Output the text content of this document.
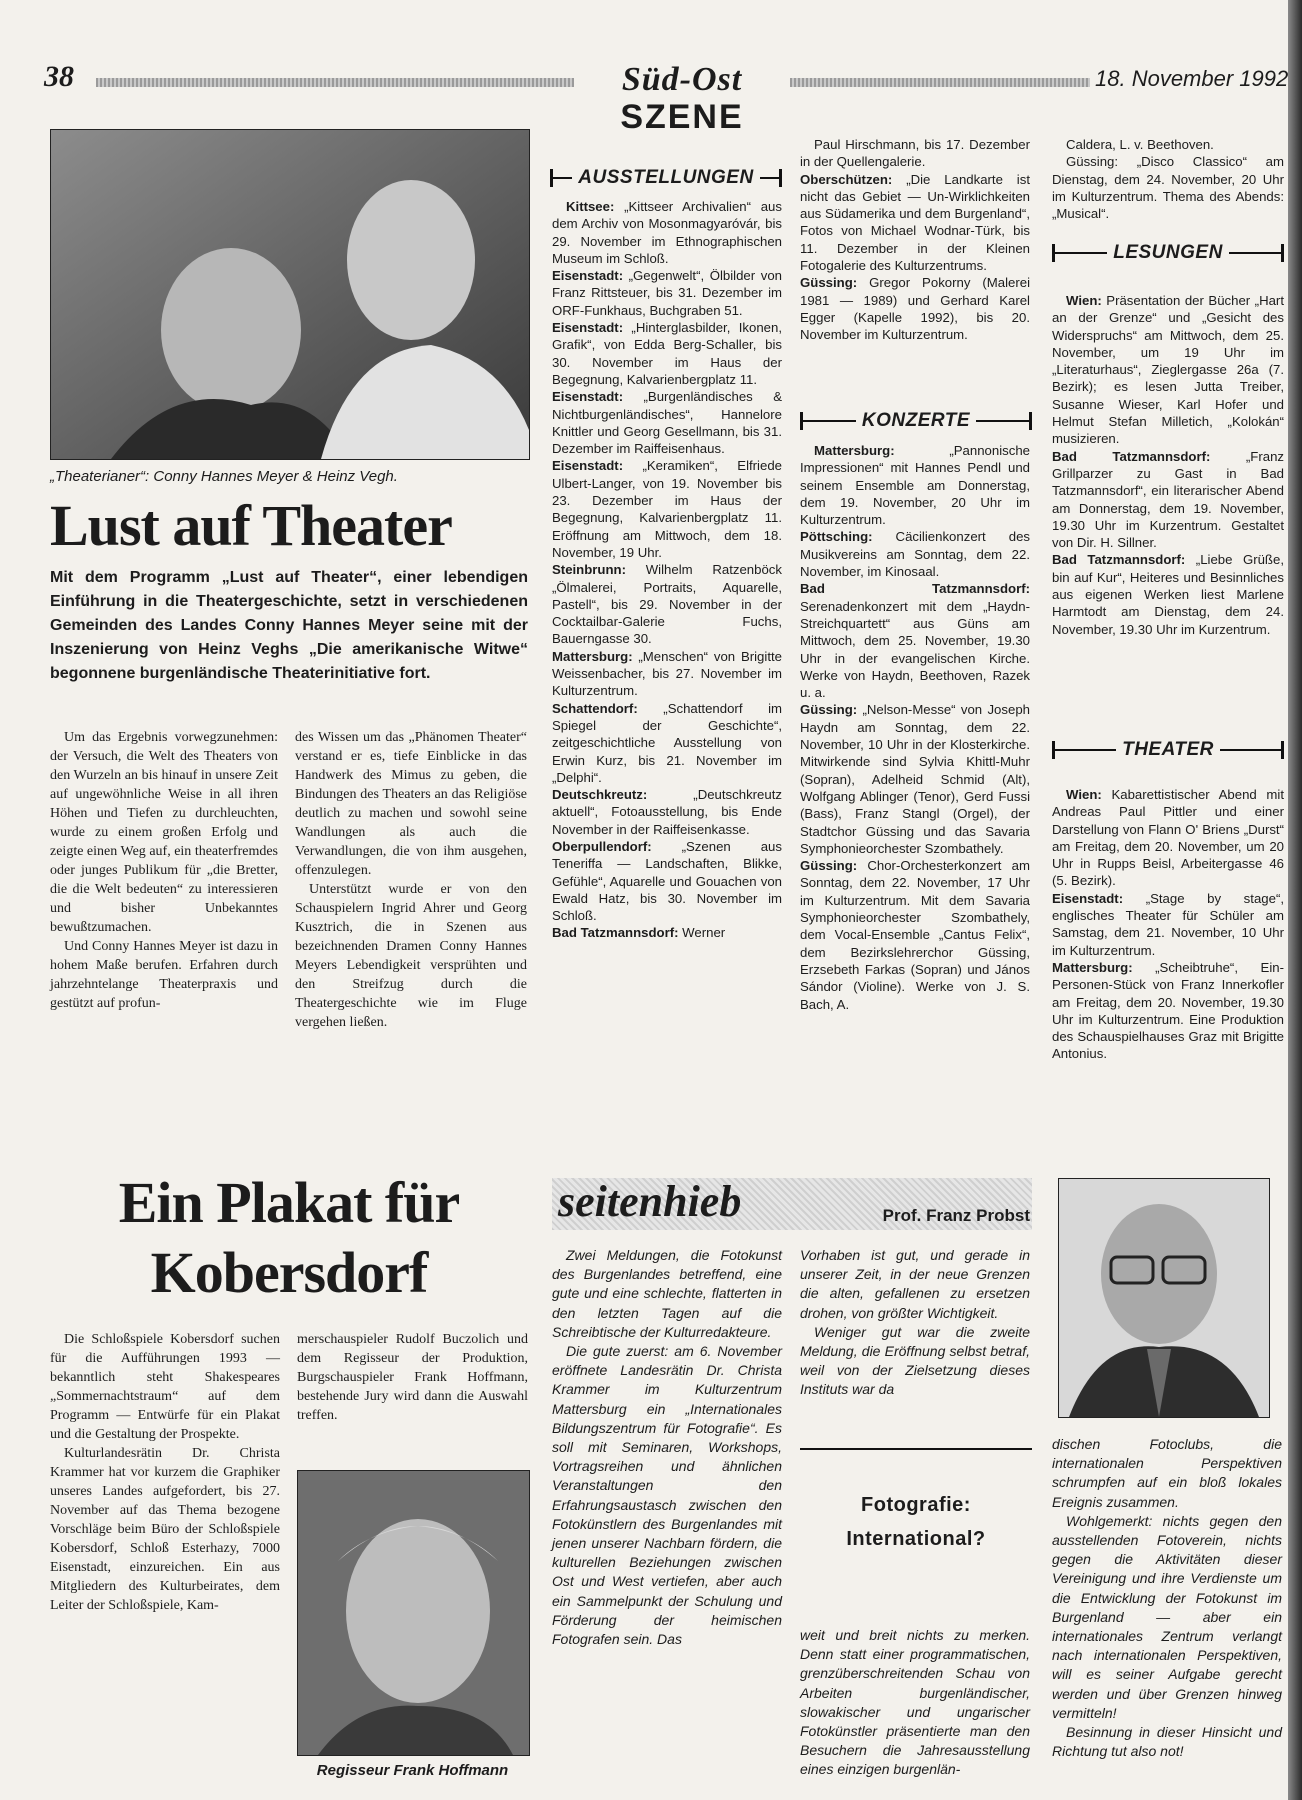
38	Süd-Ost
SZENE
18. November 1992
„Theaterianer“: Conny Hannes Meyer & Heinz Vegh.
Lust auf Theater
Mit dem Programm „Lust auf Theater“, einer lebendigen Einführung in die Theatergeschichte, setzt in verschiedenen Gemeinden des Landes Conny Hannes Meyer seine mit der Inszenierung von Heinz Veghs „Die amerikanische Witwe“ begonnene burgenländische Theaterinitiative fort.

Um das Ergebnis vorwegzunehmen: der Versuch, die Welt des Theaters von den Wurzeln an bis hinauf in unsere Zeit auf ungewöhnliche Weise in all ihren Höhen und Tiefen zu durchleuchten, wurde zu einem großen Erfolg und zeigte einen Weg auf, ein theaterfremdes oder junges Publikum für „die Bretter, die die Welt bedeuten“ zu interessieren und bisher Unbekanntes bewußtzumachen.

Und Conny Hannes Meyer ist dazu in hohem Maße berufen. Erfahren durch jahrzehntelange Theaterpraxis und gestützt auf profun-

des Wissen um das „Phänomen Theater“ verstand er es, tiefe Einblicke in das Handwerk des Mimus zu geben, die Bindungen des Theaters an das Religiöse deutlich zu machen und sowohl seine Wandlungen als auch die Verwandlungen, die von ihm ausgehen, offenzulegen.

Unterstützt wurde er von den Schauspielern Ingrid Ahrer und Georg Kusztrich, die in Szenen aus bezeichnenden Dramen Conny Hannes Meyers Lebendigkeit versprühten und den Streifzug durch die Theatergeschichte wie im Fluge vergehen ließen.

Ein Plakat für
Kobersdorf

Die Schloßspiele Kobersdorf suchen für die Aufführungen 1993 — bekanntlich steht Shakespeares „Sommernachtstraum“ auf dem Programm — Entwürfe für ein Plakat und die Gestaltung der Prospekte.

Kulturlandesrätin Dr. Christa Krammer hat vor kurzem die Graphiker unseres Landes aufgefordert, bis 27. November auf das Thema bezogene Vorschläge beim Büro der Schloßspiele Kobersdorf, Schloß Esterhazy, 7000 Eisenstadt, einzureichen. Ein aus Mitgliedern des Kulturbeirates, dem Leiter der Schloßspiele, Kam-

merschauspieler Rudolf Buczolich und dem Regisseur der Produktion, Burgschauspieler Frank Hoffmann, bestehende Jury wird dann die Auswahl treffen.

Regisseur Frank Hoffmann
AUSSTELLUNGEN

Kittsee: „Kittseer Archivalien“ aus dem Archiv von Mosonmagyaróvár, bis 29. November im Ethnographischen Museum im Schloß.

Eisenstadt: „Gegenwelt“, Ölbilder von Franz Rittsteuer, bis 31. Dezember im ORF-Funkhaus, Buchgraben 51.

Eisenstadt: „Hinterglasbilder, Ikonen, Grafik“, von Edda Berg-Schaller, bis 30. November im Haus der Begegnung, Kalvarienbergplatz 11.

Eisenstadt: „Burgenländisches & Nichtburgenländisches“, Hannelore Knittler und Georg Gesellmann, bis 31. Dezember im Raiffeisenhaus.

Eisenstadt: „Keramiken“, Elfriede Ulbert-Langer, von 19. November bis 23. Dezember im Haus der Begegnung, Kalvarienbergplatz 11. Eröffnung am Mittwoch, dem 18. November, 19 Uhr.

Steinbrunn: Wilhelm Ratzenböck „Ölmalerei, Portraits, Aquarelle, Pastell“, bis 29. November in der Cocktailbar-Galerie Fuchs, Bauerngasse 30.

Mattersburg: „Menschen“ von Brigitte Weissenbacher, bis 27. November im Kulturzentrum.

Schattendorf: „Schattendorf im Spiegel der Geschichte“, zeitgeschichtliche Ausstellung von Erwin Kurz, bis 21. November im „Delphi“.

Deutschkreutz: „Deutschkreutz aktuell“, Fotoausstellung, bis Ende November in der Raiffeisenkasse.

Oberpullendorf: „Szenen aus Teneriffa — Landschaften, Blikke, Gefühle“, Aquarelle und Gouachen von Ewald Hatz, bis 30. November im Schloß.

Bad Tatzmannsdorf: Werner

Paul Hirschmann, bis 17. Dezember in der Quellengalerie.

Oberschützen: „Die Landkarte ist nicht das Gebiet — Un-Wirklichkeiten aus Südamerika und dem Burgenland“, Fotos von Michael Wodnar-Türk, bis 11. Dezember in der Kleinen Fotogalerie des Kulturzentrums.

Güssing: Gregor Pokorny (Malerei 1981 — 1989) und Gerhard Karel Egger (Kapelle 1992), bis 20. November im Kulturzentrum.

KONZERTE

Mattersburg: „Pannonische Impressionen“ mit Hannes Pendl und seinem Ensemble am Donnerstag, dem 19. November, 20 Uhr im Kulturzentrum.

Pöttsching: Cäcilienkonzert des Musikvereins am Sonntag, dem 22. November, im Kinosaal.

Bad Tatzmannsdorf: Serenadenkonzert mit dem „Haydn-Streichquartett“ aus Güns am Mittwoch, dem 25. November, 19.30 Uhr in der evangelischen Kirche. Werke von Haydn, Beethoven, Razek u. a.

Güssing: „Nelson-Messe“ von Joseph Haydn am Sonntag, dem 22. November, 10 Uhr in der Klosterkirche. Mitwirkende sind Sylvia Khittl-Muhr (Sopran), Adelheid Schmid (Alt), Wolfgang Ablinger (Tenor), Gerd Fussi (Bass), Franz Stangl (Orgel), der Stadtchor Güssing und das Savaria Symphonieorchester Szombathely.

Güssing: Chor-Orchesterkonzert am Sonntag, dem 22. November, 17 Uhr im Kulturzentrum. Mit dem Savaria Symphonieorchester Szombathely, dem Vocal-Ensemble „Cantus Felix“, dem Bezirkslehrerchor Güssing, Erzsebeth Farkas (Sopran) und János Sándor (Violine). Werke von J. S. Bach, A.

Caldera, L. v. Beethoven.

Güssing: „Disco Classico“ am Dienstag, dem 24. November, 20 Uhr im Kulturzentrum. Thema des Abends: „Musical“.

LESUNGEN

Wien: Präsentation der Bücher „Hart an der Grenze“ und „Gesicht des Widerspruchs“ am Mittwoch, dem 25. November, um 19 Uhr im „Literaturhaus“, Zieglergasse 26a (7. Bezirk); es lesen Jutta Treiber, Susanne Wieser, Karl Hofer und Helmut Stefan Milletich, „Kolokán“ musizieren.

Bad Tatzmannsdorf: „Franz Grillparzer zu Gast in Bad Tatzmannsdorf“, ein literarischer Abend am Donnerstag, dem 19. November, 19.30 Uhr im Kurzentrum. Gestaltet von Dir. H. Sillner.

Bad Tatzmannsdorf: „Liebe Grüße, bin auf Kur“, Heiteres und Besinnliches aus eigenen Werken liest Marlene Harmtodt am Dienstag, dem 24. November, 19.30 Uhr im Kurzentrum.

THEATER

Wien: Kabarettistischer Abend mit Andreas Paul Pittler und einer Darstellung von Flann O' Briens „Durst“ am Freitag, dem 20. November, um 20 Uhr in Rupps Beisl, Arbeitergasse 46 (5. Bezirk).

Eisenstadt: „Stage by stage“, englisches Theater für Schüler am Samstag, dem 21. November, 10 Uhr im Kulturzentrum.

Mattersburg: „Scheibtruhe“, Ein-Personen-Stück von Franz Innerkofler am Freitag, dem 20. November, 19.30 Uhr im Kulturzentrum. Eine Produktion des Schauspielhauses Graz mit Brigitte Antonius.

seitenhieb	Prof. Franz Probst

Zwei Meldungen, die Fotokunst des Burgenlandes betreffend, eine gute und eine schlechte, flatterten in den letzten Tagen auf die Schreibtische der Kulturredakteure.

Die gute zuerst: am 6. November eröffnete Landesrätin Dr. Christa Krammer im Kulturzentrum Mattersburg ein „Internationales Bildungszentrum für Fotografie“. Es soll mit Seminaren, Workshops, Vortragsreihen und ähnlichen Veranstaltungen den Erfahrungsaustasch zwischen den Fotokünstlern des Burgenlandes mit jenen unserer Nachbarn fördern, die kulturellen Beziehungen zwischen Ost und West vertiefen, aber auch ein Sammelpunkt der Schulung und Förderung der heimischen Fotografen sein. Das

Vorhaben ist gut, und gerade in unserer Zeit, in der neue Grenzen die alten, gefallenen zu ersetzen drohen, von größter Wichtigkeit.

Weniger gut war die zweite Meldung, die Eröffnung selbst betraf, weil von der Zielsetzung dieses Instituts war da

Fotografie:
International?

weit und breit nichts zu merken. Denn statt einer programmatischen, grenzüberschreitenden Schau von Arbeiten burgenländischer, slowakischer und ungarischer Fotokünstler präsentierte man den Besuchern die Jahresausstellung eines einzigen burgenlän-

dischen Fotoclubs, die internationalen Perspektiven schrumpfen auf ein bloß lokales Ereignis zusammen.

Wohlgemerkt: nichts gegen den ausstellenden Fotoverein, nichts gegen die Aktivitäten dieser Vereinigung und ihre Verdienste um die Entwicklung der Fotokunst im Burgenland — aber ein internationales Zentrum verlangt nach internationalen Perspektiven, will es seiner Aufgabe gerecht werden und über Grenzen hinweg vermitteln!

Besinnung in dieser Hinsicht und Richtung tut also not!
